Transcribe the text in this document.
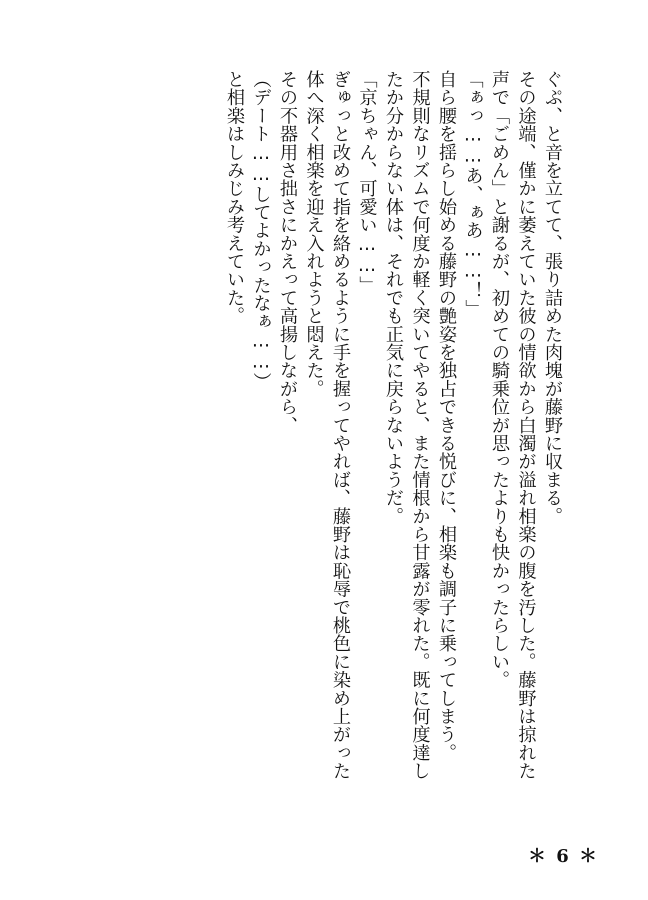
ぐぷ、と音を立てて、張り詰めた肉塊が藤野に収まる。
その途端、僅かに萎えていた彼の情欲から白濁が溢れ相楽の腹を汚した。藤野は掠れた
声で「ごめん」と謝るが、初めての騎乗位が思ったよりも快かったらしい。
「ぁっ……あ、ぁあ……！」
自ら腰を揺らし始める藤野の艶姿を独占できる悦びに、相楽も調子に乗ってしまう。
不規則なリズムで何度か軽く突いてやると、また情根から甘露が零れた。既に何度達し
たか分からない体は、それでも正気に戻らないようだ。
「京ちゃん、可愛い……」
ぎゅっと改めて指を絡めるように手を握ってやれば、藤野は恥辱で桃色に染め上がった
体へ深く相楽を迎え入れようと悶えた。
その不器用さ拙さにかえって高揚しながら、
（デート……してよかったなぁ……）
と相楽はしみじみ考えていた。
＊ 6 ＊
